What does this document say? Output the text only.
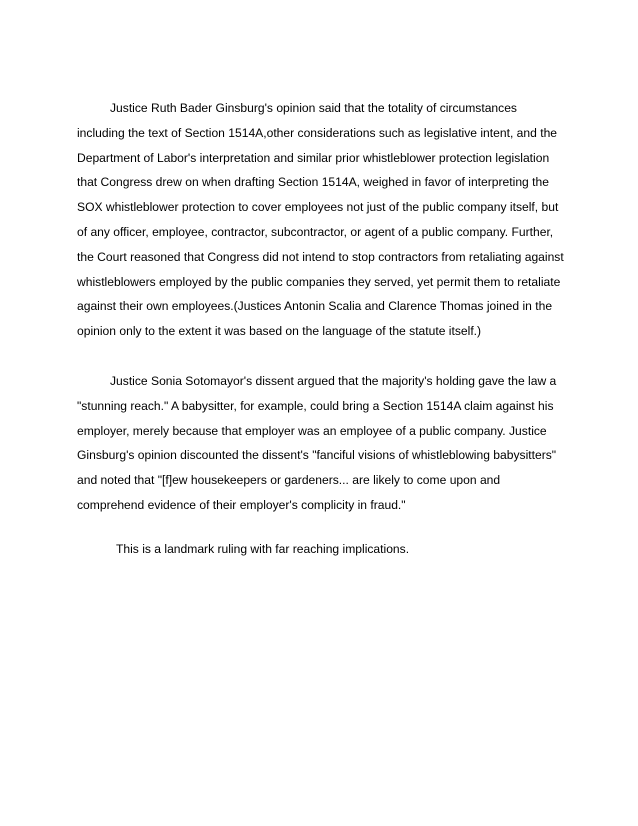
Justice Ruth Bader Ginsburg's opinion said that the totality of circumstances including the text of Section 1514A,other considerations such as legislative intent, and the Department of Labor's interpretation and similar prior whistleblower protection legislation that Congress drew on when drafting Section 1514A, weighed in favor of interpreting the SOX whistleblower protection to cover employees not just of the public company itself, but of any officer, employee, contractor, subcontractor, or agent of a public company. Further, the Court reasoned that Congress did not intend to stop contractors from retaliating against whistleblowers employed by the public companies they served, yet permit them to retaliate against their own employees.(Justices Antonin Scalia and Clarence Thomas joined in the opinion only to the extent it was based on the language of the statute itself.)

Justice Sonia Sotomayor's dissent argued that the majority's holding gave the law a "stunning reach." A babysitter, for example, could bring a Section 1514A claim against his employer, merely because that employer was an employee of a public company. Justice Ginsburg's opinion discounted the dissent's "fanciful visions of whistleblowing babysitters" and noted that "[f]ew housekeepers or gardeners... are likely to come upon and comprehend evidence of their employer's complicity in fraud."

This is a landmark ruling with far reaching implications.
